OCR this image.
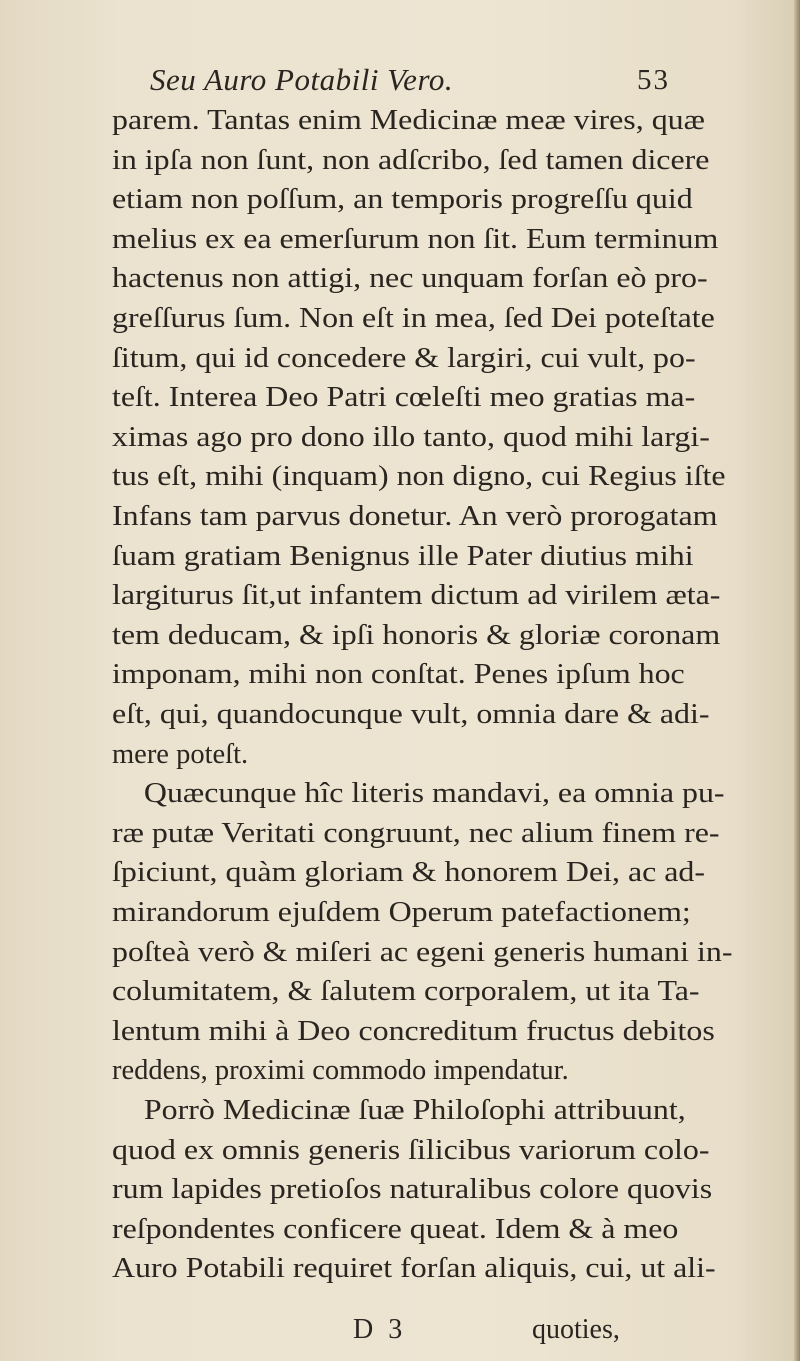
Seu Auro Potabili Vero.	53
parem. Tantas enim Medicinæ meæ vires, quæ
in ipſa non ſunt, non adſcribo, ſed tamen dicere
etiam non poſſum, an temporis progreſſu quid
melius ex ea emerſurum non ſit. Eum terminum
hactenus non attigi, nec unquam forſan eò pro-
greſſurus ſum. Non eſt in mea, ſed Dei poteſtate
ſitum, qui id concedere & largiri, cui vult, po-
teſt. Interea Deo Patri cœleſti meo gratias ma-
ximas ago pro dono illo tanto, quod mihi largi-
tus eſt, mihi (inquam) non digno, cui Regius iſte
Infans tam parvus donetur. An verò prorogatam
ſuam gratiam Benignus ille Pater diutius mihi
largiturus ſit,ut infantem dictum ad virilem æta-
tem deducam, & ipſi honoris & gloriæ coronam
imponam, mihi non conſtat. Penes ipſum hoc
eſt, qui, quandocunque vult, omnia dare & adi-
mere poteſt.
Quæcunque hîc literis mandavi, ea omnia pu-
ræ putæ Veritati congruunt, nec alium finem re-
ſpiciunt, quàm gloriam & honorem Dei, ac ad-
mirandorum ejuſdem Operum patefactionem;
poſteà verò & miſeri ac egeni generis humani in-
columitatem, & ſalutem corporalem, ut ita Ta-
lentum mihi à Deo concreditum fructus debitos
reddens, proximi commodo impendatur.
Porrò Medicinæ ſuæ Philoſophi attribuunt,
quod ex omnis generis ſilicibus variorum colo-
rum lapides pretioſos naturalibus colore quovis
reſpondentes conficere queat. Idem & à meo
Auro Potabili requiret forſan aliquis, cui, ut ali-
D 3	quoties,
